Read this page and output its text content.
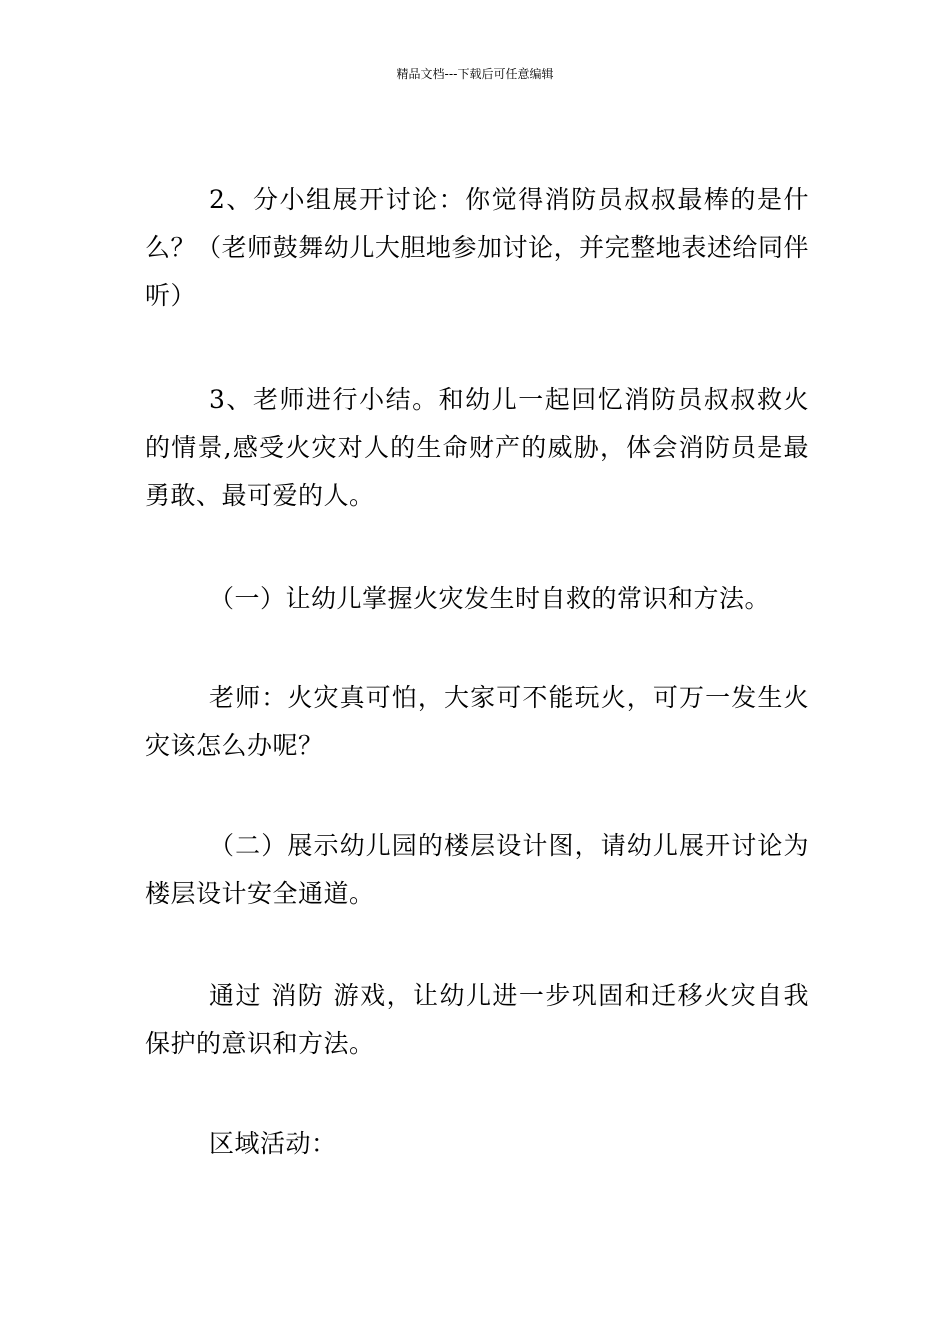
精品文档---下载后可任意编辑

2、分小组展开讨论：你觉得消防员叔叔最棒的是什么？（老师鼓舞幼儿大胆地参加讨论，并完整地表述给同伴听）

3、老师进行小结。和幼儿一起回忆消防员叔叔救火的情景,感受火灾对人的生命财产的威胁，体会消防员是最勇敢、最可爱的人。

（一）让幼儿掌握火灾发生时自救的常识和方法。

老师：火灾真可怕，大家可不能玩火，可万一发生火灾该怎么办呢？

（二）展示幼儿园的楼层设计图，请幼儿展开讨论为楼层设计安全通道。

通过 消防 游戏，让幼儿进一步巩固和迁移火灾自我保护的意识和方法。

区域活动：
